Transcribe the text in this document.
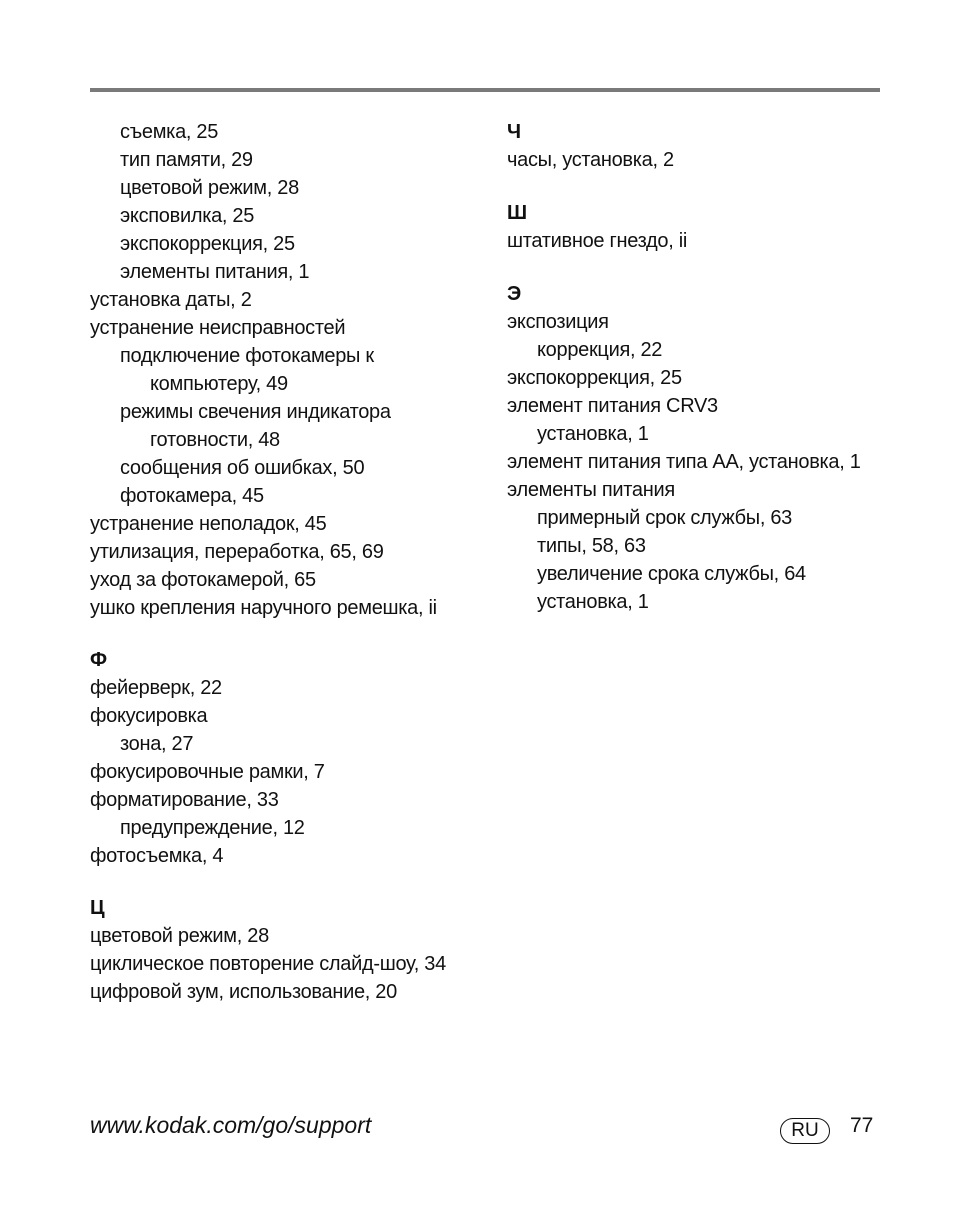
съемка, 25
тип памяти, 29
цветовой режим, 28
эксповилка, 25
экспокоррекция, 25
элементы питания, 1
установка даты, 2
устранение неисправностей
подключение фотокамеры к
компьютеру, 49
режимы свечения индикатора
готовности, 48
сообщения об ошибках, 50
фотокамера, 45
устранение неполадок, 45
утилизация, переработка, 65, 69
уход за фотокамерой, 65
ушко крепления наручного ремешка, ii
Ф
фейерверк, 22
фокусировка
зона, 27
фокусировочные рамки, 7
форматирование, 33
предупреждение, 12
фотосъемка, 4
Ц
цветовой режим, 28
циклическое повторение слайд-шоу, 34
цифровой зум, использование, 20
Ч
часы, установка, 2
Ш
штативное гнездо, ii
Э
экспозиция
коррекция, 22
экспокоррекция, 25
элемент питания CRV3
установка, 1
элемент питания типа AA, установка, 1
элементы питания
примерный срок службы, 63
типы, 58, 63
увеличение срока службы, 64
установка, 1
www.kodak.com/go/support	RU	77
